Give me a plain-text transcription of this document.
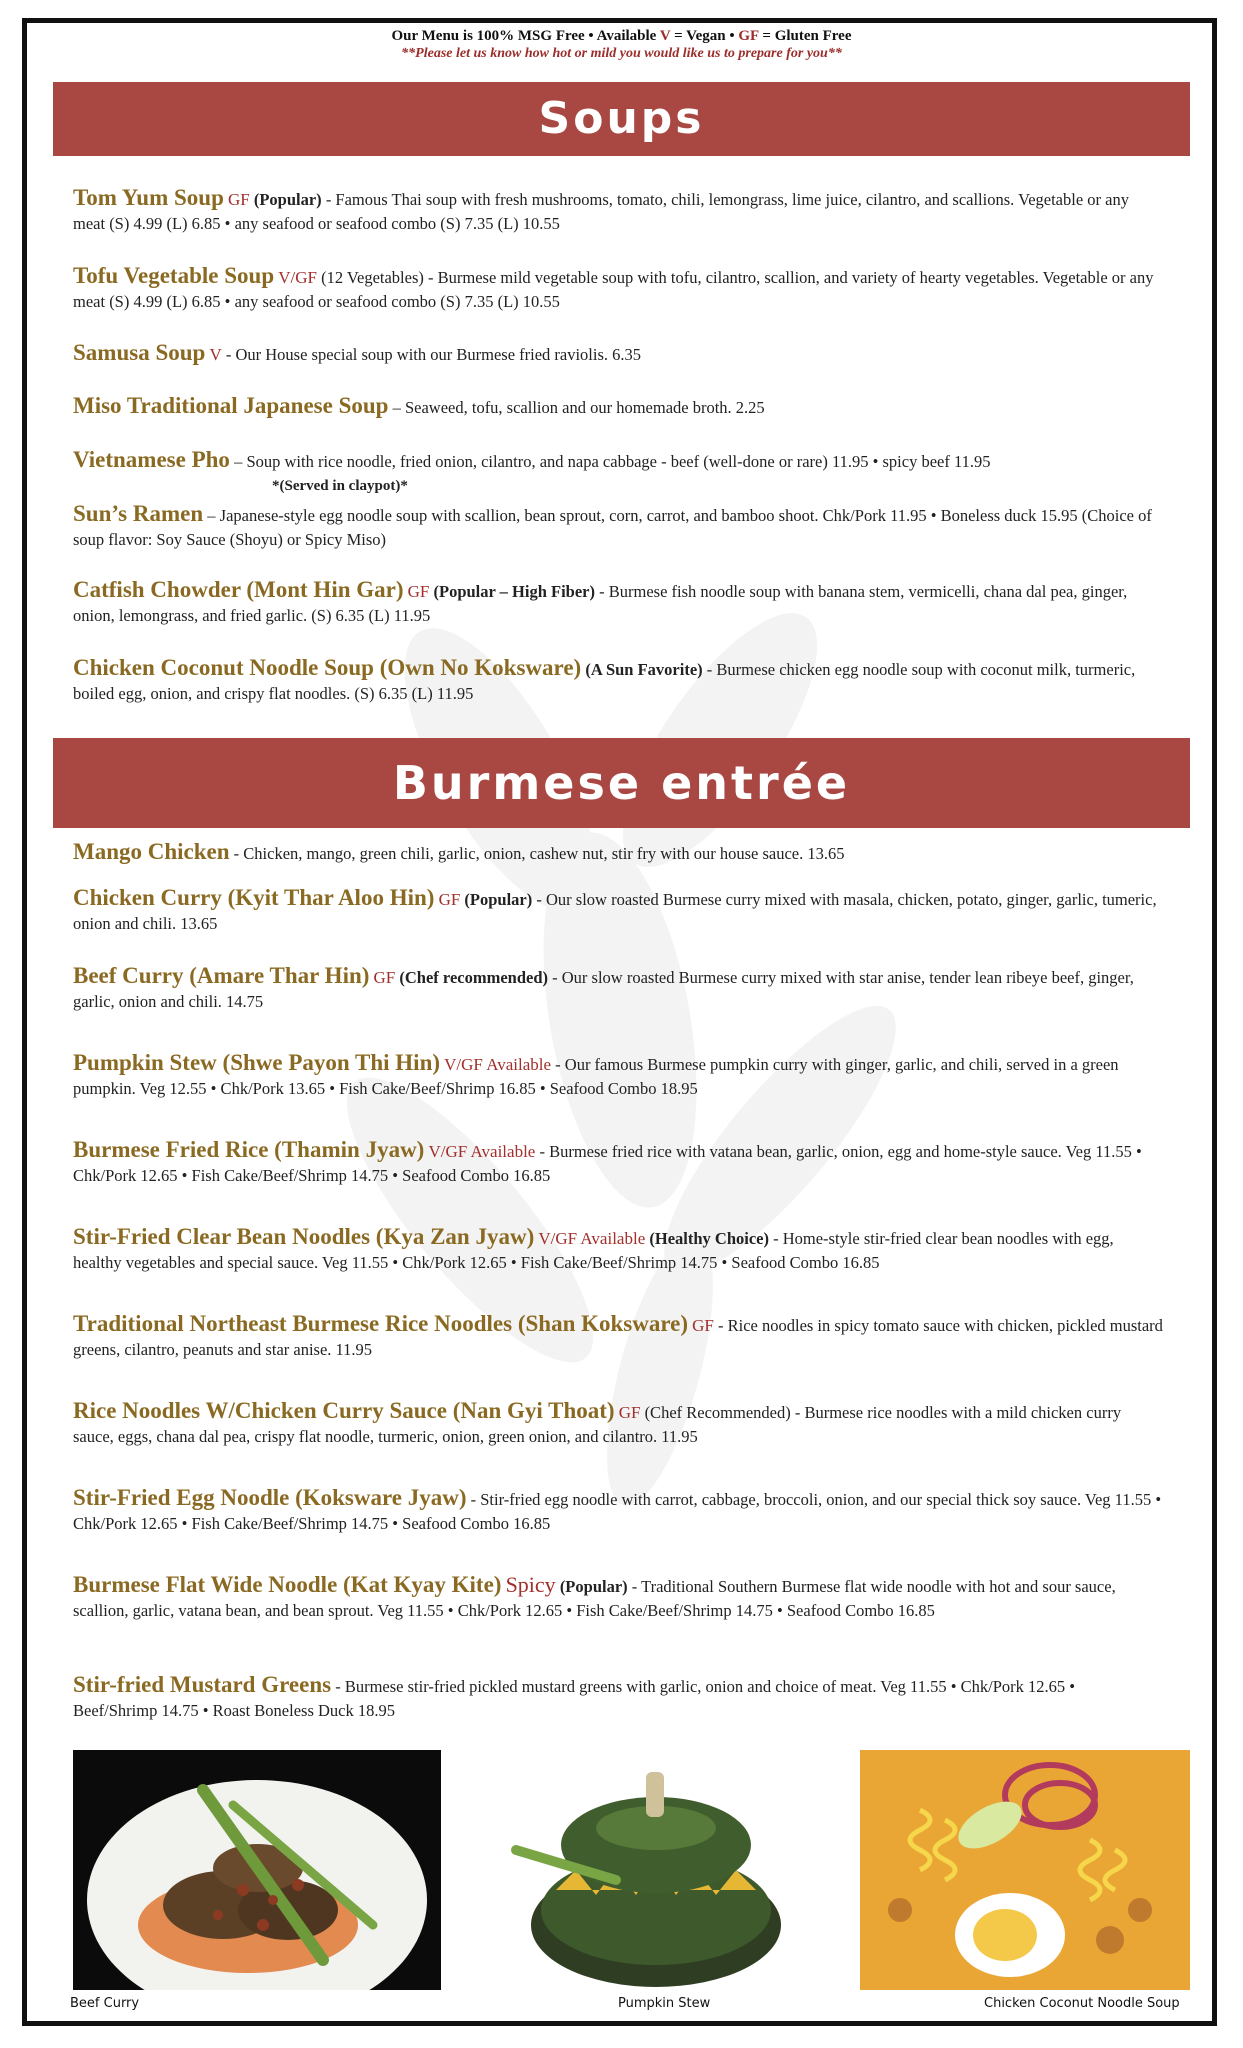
Our Menu is 100% MSG Free • Available V = Vegan • GF = Gluten Free
**Please let us know how hot or mild you would like us to prepare for you**
Soups
Tom Yum Soup GF (Popular) - Famous Thai soup with fresh mushrooms, tomato, chili, lemongrass, lime juice, cilantro, and scallions. Vegetable or any meat (S) 4.99 (L) 6.85 • any seafood or seafood combo (S) 7.35 (L) 10.55
Tofu Vegetable Soup V/GF (12 Vegetables) - Burmese mild vegetable soup with tofu, cilantro, scallion, and variety of hearty vegetables. Vegetable or any meat (S) 4.99 (L) 6.85 • any seafood or seafood combo (S) 7.35 (L) 10.55
Samusa Soup V - Our House special soup with our Burmese fried raviolis. 6.35
Miso Traditional Japanese Soup – Seaweed, tofu, scallion and our homemade broth. 2.25
Vietnamese Pho – Soup with rice noodle, fried onion, cilantro, and napa cabbage - beef (well-done or rare) 11.95 • spicy beef 11.95
*(Served in claypot)*
Sun’s Ramen – Japanese-style egg noodle soup with scallion, bean sprout, corn, carrot, and bamboo shoot. Chk/Pork 11.95 • Boneless duck 15.95 (Choice of soup flavor: Soy Sauce (Shoyu) or Spicy Miso)
Catfish Chowder (Mont Hin Gar) GF (Popular – High Fiber) - Burmese fish noodle soup with banana stem, vermicelli, chana dal pea, ginger, onion, lemongrass, and fried garlic. (S) 6.35 (L) 11.95
Chicken Coconut Noodle Soup (Own No Koksware) (A Sun Favorite) - Burmese chicken egg noodle soup with coconut milk, turmeric, boiled egg, onion, and crispy flat noodles. (S) 6.35 (L) 11.95
Burmese entrée
Mango Chicken - Chicken, mango, green chili, garlic, onion, cashew nut, stir fry with our house sauce. 13.65
Chicken Curry (Kyit Thar Aloo Hin) GF (Popular) - Our slow roasted Burmese curry mixed with masala, chicken, potato, ginger, garlic, tumeric, onion and chili. 13.65
Beef Curry (Amare Thar Hin) GF (Chef recommended) - Our slow roasted Burmese curry mixed with star anise, tender lean ribeye beef, ginger, garlic, onion and chili. 14.75
Pumpkin Stew (Shwe Payon Thi Hin) V/GF Available - Our famous Burmese pumpkin curry with ginger, garlic, and chili, served in a green pumpkin. Veg 12.55 • Chk/Pork 13.65 • Fish Cake/Beef/Shrimp 16.85 • Seafood Combo 18.95
Burmese Fried Rice (Thamin Jyaw) V/GF Available - Burmese fried rice with vatana bean, garlic, onion, egg and home-style sauce. Veg 11.55 • Chk/Pork 12.65 • Fish Cake/Beef/Shrimp 14.75 • Seafood Combo 16.85
Stir-Fried Clear Bean Noodles (Kya Zan Jyaw) V/GF Available (Healthy Choice) - Home-style stir-fried clear bean noodles with egg, healthy vegetables and special sauce. Veg 11.55 • Chk/Pork 12.65 • Fish Cake/Beef/Shrimp 14.75 • Seafood Combo 16.85
Traditional Northeast Burmese Rice Noodles (Shan Koksware) GF - Rice noodles in spicy tomato sauce with chicken, pickled mustard greens, cilantro, peanuts and star anise. 11.95
Rice Noodles W/Chicken Curry Sauce (Nan Gyi Thoat) GF (Chef Recommended) - Burmese rice noodles with a mild chicken curry sauce, eggs, chana dal pea, crispy flat noodle, turmeric, onion, green onion, and cilantro. 11.95
Stir-Fried Egg Noodle (Koksware Jyaw) - Stir-fried egg noodle with carrot, cabbage, broccoli, onion, and our special thick soy sauce. Veg 11.55 • Chk/Pork 12.65 • Fish Cake/Beef/Shrimp 14.75 • Seafood Combo 16.85
Burmese Flat Wide Noodle (Kat Kyay Kite) Spicy (Popular) - Traditional Southern Burmese flat wide noodle with hot and sour sauce, scallion, garlic, vatana bean, and bean sprout. Veg 11.55 • Chk/Pork 12.65 • Fish Cake/Beef/Shrimp 14.75 • Seafood Combo 16.85
Stir-fried Mustard Greens - Burmese stir-fried pickled mustard greens with garlic, onion and choice of meat. Veg 11.55 • Chk/Pork 12.65 • Beef/Shrimp 14.75 • Roast Boneless Duck 18.95
Beef Curry	Pumpkin Stew	Chicken Coconut Noodle Soup
